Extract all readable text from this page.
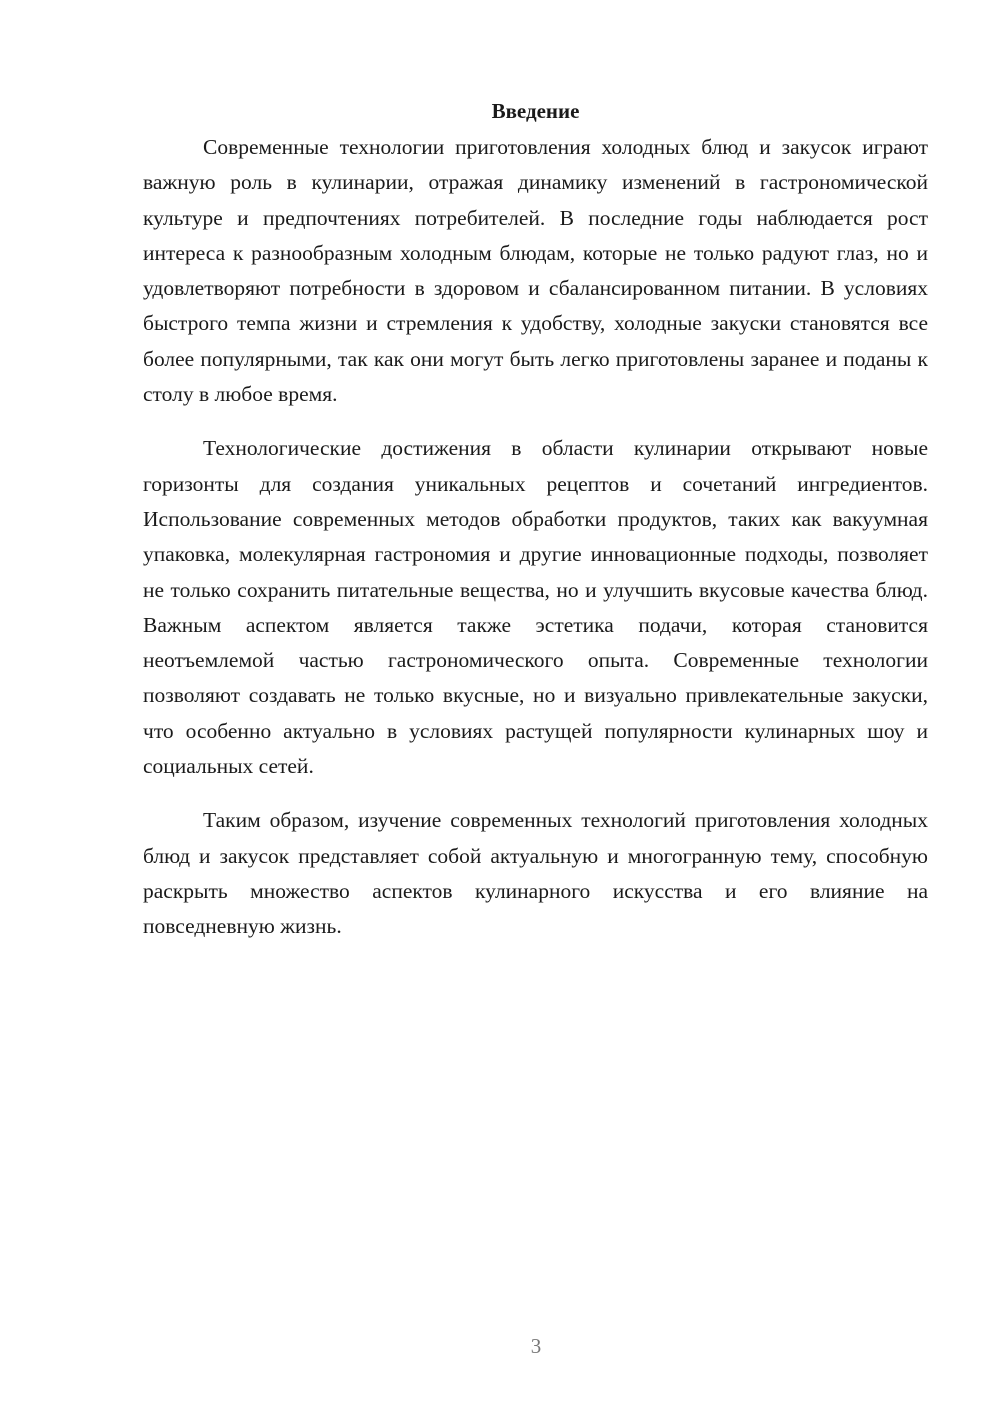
Введение

Современные технологии приготовления холодных блюд и закусок играют важную роль в кулинарии, отражая динамику изменений в гастрономической культуре и предпочтениях потребителей. В последние годы наблюдается рост интереса к разнообразным холодным блюдам, которые не только радуют глаз, но и удовлетворяют потребности в здоровом и сбалансированном питании. В условиях быстрого темпа жизни и стремления к удобству, холодные закуски становятся все более популярными, так как они могут быть легко приготовлены заранее и поданы к столу в любое время.

Технологические достижения в области кулинарии открывают новые горизонты для создания уникальных рецептов и сочетаний ингредиентов. Использование современных методов обработки продуктов, таких как вакуумная упаковка, молекулярная гастрономия и другие инновационные подходы, позволяет не только сохранить питательные вещества, но и улучшить вкусовые качества блюд. Важным аспектом является также эстетика подачи, которая становится неотъемлемой частью гастрономического опыта. Современные технологии позволяют создавать не только вкусные, но и визуально привлекательные закуски, что особенно актуально в условиях растущей популярности кулинарных шоу и социальных сетей.

Таким образом, изучение современных технологий приготовления холодных блюд и закусок представляет собой актуальную и многогранную тему, способную раскрыть множество аспектов кулинарного искусства и его влияние на повседневную жизнь.

3
